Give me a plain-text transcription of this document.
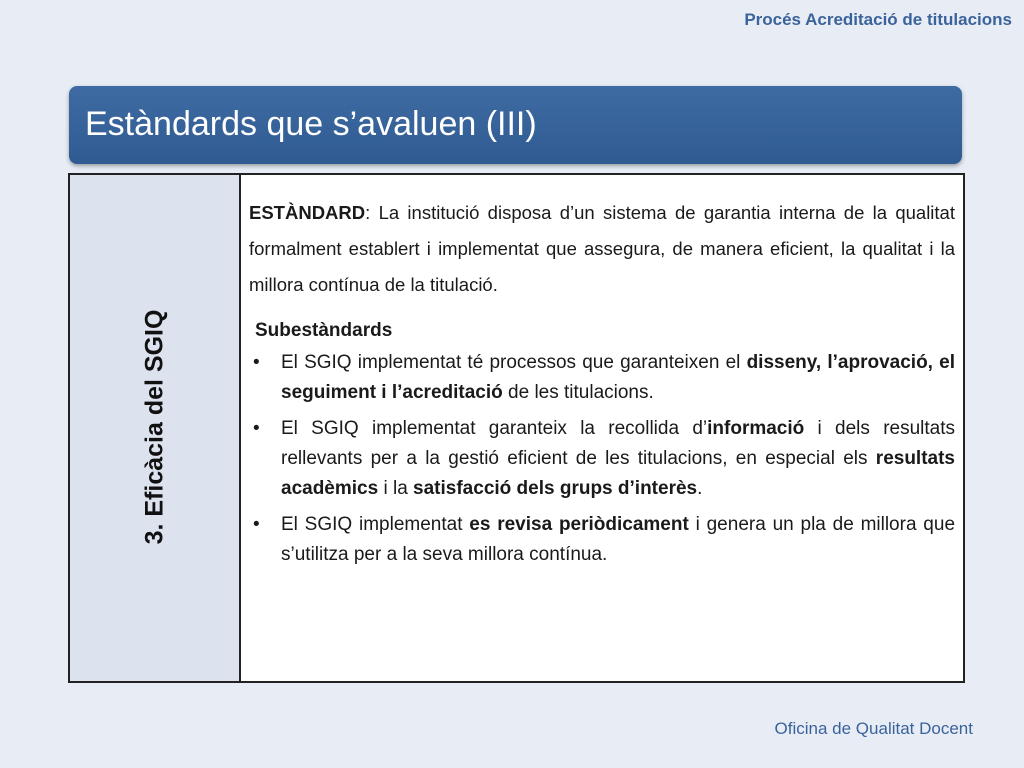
Procés Acreditació de titulacions
Estàndards que s’avaluen (III)
3. Eficàcia del SGIQ

ESTÀNDARD: La institució disposa d’un sistema de garantia interna de la qualitat formalment establert i implementat que assegura, de manera eficient, la qualitat i la millora contínua de la titulació.

Subestàndards
• El SGIQ implementat té processos que garanteixen el disseny, l’aprovació, el seguiment i l’acreditació de les titulacions.
• El SGIQ implementat garanteix la recollida d’informació i dels resultats rellevants per a la gestió eficient de les titulacions, en especial els resultats acadèmics i la satisfacció dels grups d’interès.
• El SGIQ implementat es revisa periòdicament i genera un pla de millora que s’utilitza per a la seva millora contínua.
Oficina de Qualitat Docent
